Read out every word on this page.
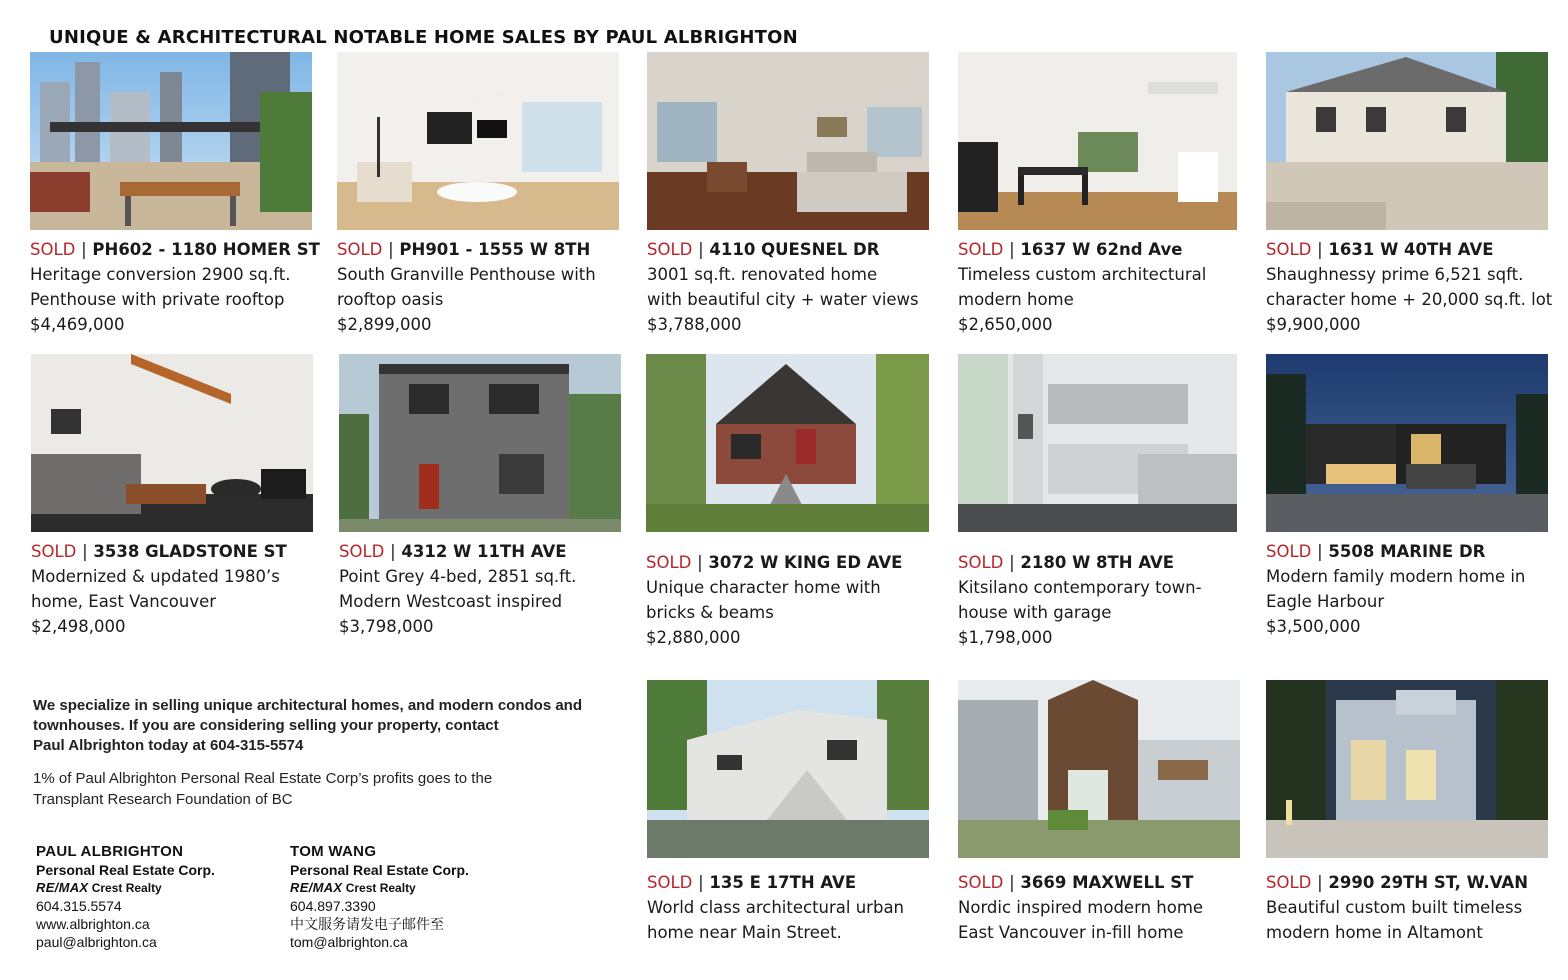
UNIQUE & ARCHITECTURAL NOTABLE HOME SALES BY PAUL ALBRIGHTON
SOLD | PH602 - 1180 HOMER ST
Heritage conversion 2900 sq.ft.
Penthouse with private rooftop
$4,469,000
SOLD | PH901 - 1555 W 8TH
South Granville Penthouse with
rooftop oasis
$2,899,000
SOLD | 4110 QUESNEL DR
3001 sq.ft. renovated home
with beautiful city + water views
$3,788,000
SOLD | 1637 W 62nd Ave
Timeless custom architectural
modern home
$2,650,000
SOLD | 1631 W 40TH AVE
Shaughnessy prime 6,521 sqft.
character home + 20,000 sq.ft. lot
$9,900,000
SOLD | 3538 GLADSTONE ST
Modernized & updated 1980’s
home, East Vancouver
$2,498,000
SOLD | 4312 W 11TH AVE
Point Grey 4-bed, 2851 sq.ft.
Modern Westcoast inspired
$3,798,000
SOLD | 3072 W KING ED AVE
Unique character home with
bricks & beams
$2,880,000
SOLD | 2180 W 8TH AVE
Kitsilano contemporary town-
house with garage
$1,798,000
SOLD | 5508 MARINE DR
Modern family modern home in
Eagle Harbour
$3,500,000
SOLD | 135 E 17TH AVE
World class architectural urban
home near Main Street.
SOLD | 3669 MAXWELL ST
Nordic inspired modern home
East Vancouver in-fill home
SOLD | 2990 29TH ST, W.VAN
Beautiful custom built timeless
modern home in Altamont
We specialize in selling unique architectural homes, and modern condos and
townhouses. If you are considering selling your property, contact
Paul Albrighton today at 604-315-5574
1% of Paul Albrighton Personal Real Estate Corp’s profits goes to the
Transplant Research Foundation of BC
PAUL ALBRIGHTON
Personal Real Estate Corp.
RE/MAX Crest Realty
604.315.5574
www.albrighton.ca
paul@albrighton.ca
TOM WANG
Personal Real Estate Corp.
RE/MAX Crest Realty
604.897.3390
中文服务请发电子邮件至
tom@albrighton.ca
